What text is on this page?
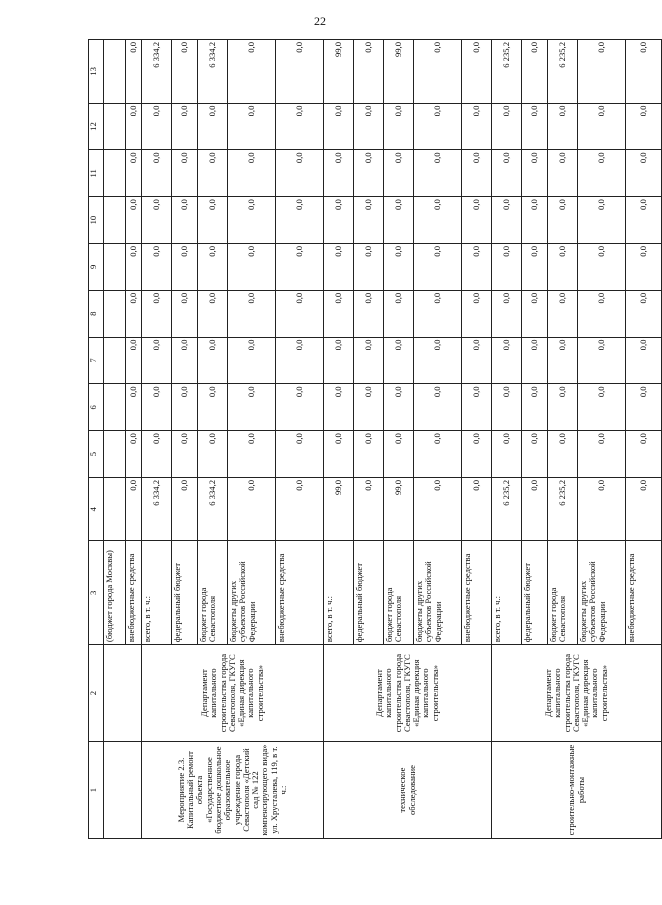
22
1	2	3	4	5	6	7	8	9	10	11	12	13
		(бюджет города Москвы)										
		внебюджетные средства	0,0	0,0	0,0	0,0	0,0	0,0	0,0	0,0	0,0	0,0
Мероприятие 2.3. Капитальный ремонт объекта «Государственное бюджетное дошкольное образовательное учреждение города Севастополя «Детский сад № 122 компенсирующего вида» ул. Хрусталева, 119, в т. ч.:	Департамент капитального строительства города Севастополя, ГКУГС «Единая дирекция капитального строительства»	всего, в т. ч.:	6 334,2	0,0	0,0	0,0	0,0	0,0	0,0	0,0	0,0	6 334,2
		федеральный бюджет	0,0	0,0	0,0	0,0	0,0	0,0	0,0	0,0	0,0	0,0
		бюджет города Севастополя	6 334,2	0,0	0,0	0,0	0,0	0,0	0,0	0,0	0,0	6 334,2
		бюджеты других субъектов Российской Федерации	0,0	0,0	0,0	0,0	0,0	0,0	0,0	0,0	0,0	0,0
		внебюджетные средства	0,0	0,0	0,0	0,0	0,0	0,0	0,0	0,0	0,0	0,0
техническое обследование	Департамент капитального строительства города Севастополя, ГКУГС «Единая дирекция капитального строительства»	всего, в т. ч.:	99,0	0,0	0,0	0,0	0,0	0,0	0,0	0,0	0,0	99,0
		федеральный бюджет	0,0	0,0	0,0	0,0	0,0	0,0	0,0	0,0	0,0	0,0
		бюджет города Севастополя	99,0	0,0	0,0	0,0	0,0	0,0	0,0	0,0	0,0	99,0
		бюджеты других субъектов Российской Федерации	0,0	0,0	0,0	0,0	0,0	0,0	0,0	0,0	0,0	0,0
		внебюджетные средства	0,0	0,0	0,0	0,0	0,0	0,0	0,0	0,0	0,0	0,0
строительно-монтажные работы	Департамент капитального строительства города Севастополя, ГКУГС «Единая дирекция капитального строительства»	всего, в т. ч.:	6 235,2	0,0	0,0	0,0	0,0	0,0	0,0	0,0	0,0	6 235,2
		федеральный бюджет	0,0	0,0	0,0	0,0	0,0	0,0	0,0	0,0	0,0	0,0
		бюджет города Севастополя	6 235,2	0,0	0,0	0,0	0,0	0,0	0,0	0,0	0,0	6 235,2
		бюджеты других субъектов Российской Федерации	0,0	0,0	0,0	0,0	0,0	0,0	0,0	0,0	0,0	0,0
		внебюджетные средства	0,0	0,0	0,0	0,0	0,0	0,0	0,0	0,0	0,0	0,0
